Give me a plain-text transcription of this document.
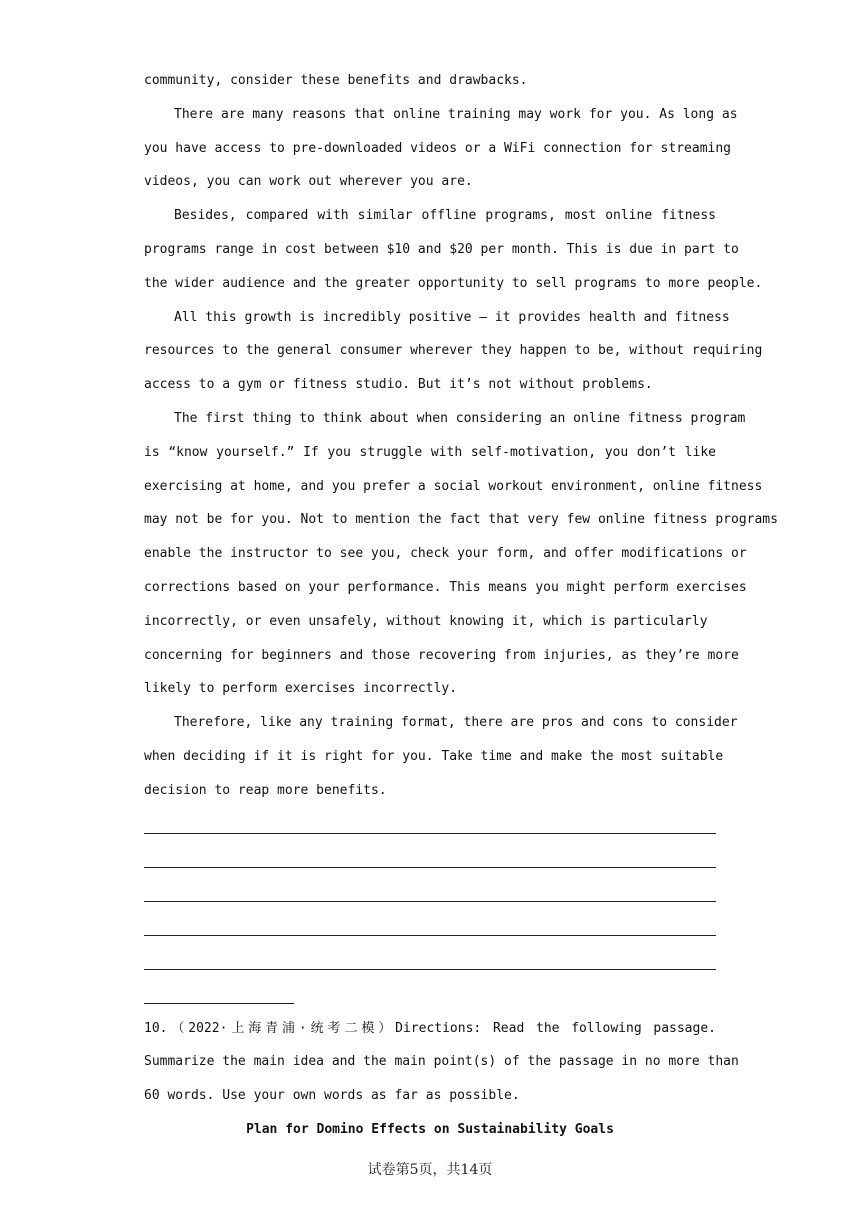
community, consider these benefits and drawbacks.
There are many reasons that online training may work for you. As long as
you have access to pre-downloaded videos or a WiFi connection for streaming
videos, you can work out wherever you are.
Besides, compared with similar offline programs, most online fitness
programs range in cost between $10 and $20 per month. This is due in part to
the wider audience and the greater opportunity to sell programs to more people.
All this growth is incredibly positive — it provides health and fitness
resources to the general consumer wherever they happen to be, without requiring
access to a gym or fitness studio. But it’s not without problems.
The first thing to think about when considering an online fitness program
is “know yourself.” If you struggle with self-motivation, you don’t like
exercising at home, and you prefer a social workout environment, online fitness
may not be for you. Not to mention the fact that very few online fitness programs
enable the instructor to see you, check your form, and offer modifications or
corrections based on your performance. This means you might perform exercises
incorrectly, or even unsafely, without knowing it, which is particularly
concerning for beginners and those recovering from injuries, as they’re more
likely to perform exercises incorrectly.
Therefore, like any training format, there are pros and cons to consider
when deciding if it is right for you. Take time and make the most suitable
decision to reap more benefits.
10.（2022·上海青浦·统考二模）Directions: Read the following passage.
Summarize the main idea and the main point(s) of the passage in no more than
60 words. Use your own words as far as possible.
Plan for Domino Effects on Sustainability Goals
试卷第5页，共14页
